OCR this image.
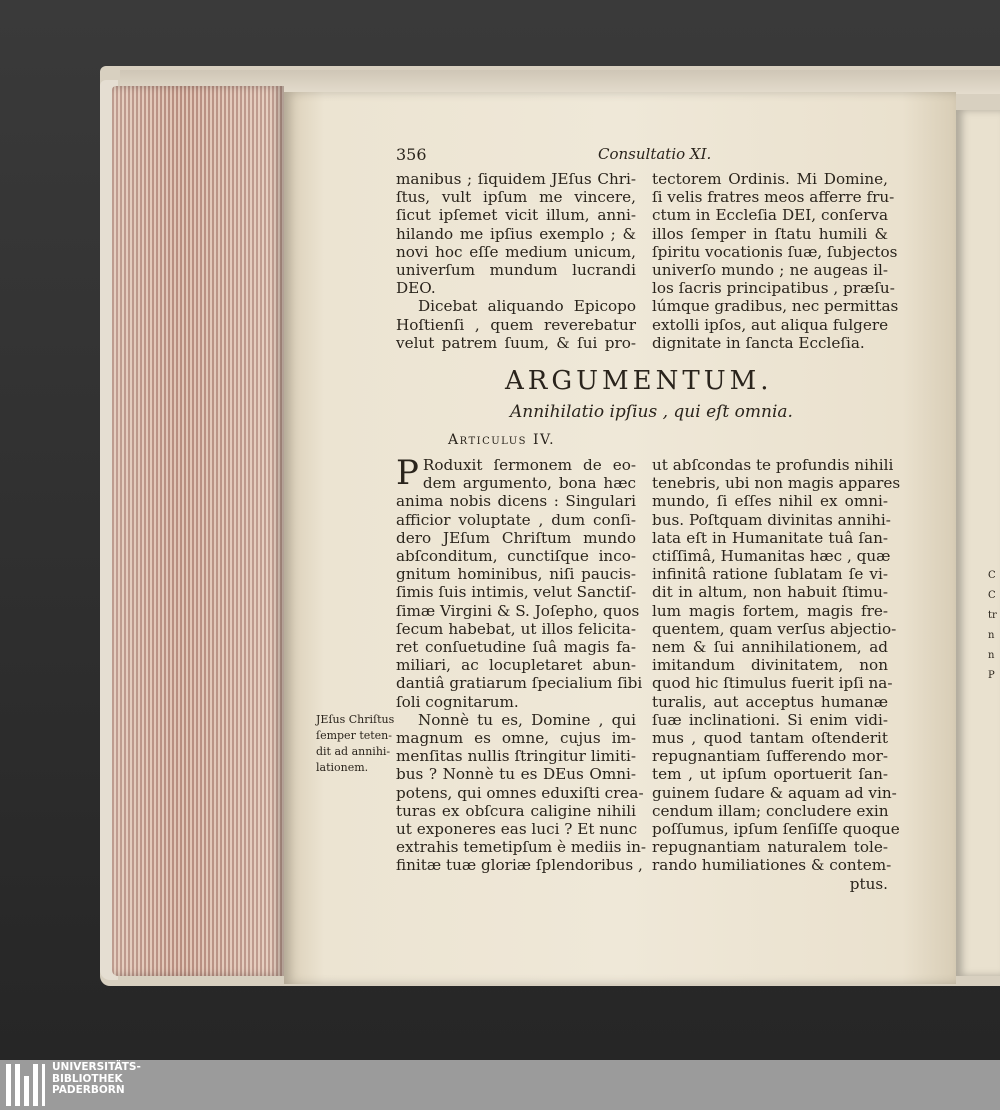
356	Consultatio XI.
manibus ; ſiquidem JEſus Chri-
ſtus, vult ipſum me vincere,
ſicut ipſemet vicit illum, anni-
hilando me ipſius exemplo ; &
novi hoc eſſe medium unicum,
univerſum mundum lucrandi
DEO.
Dicebat aliquando Epicopo
Hoſtienſi , quem reverebatur
velut patrem ſuum, & ſui pro-
tectorem Ordinis. Mi Domine,
ſi velis fratres meos afferre fru-
ctum in Eccleſia DEI, conſerva
illos ſemper in ſtatu humili &
ſpiritu vocationis ſuæ, ſubjectos
univerſo mundo ; ne augeas il-
los ſacris principatibus , præſu-
lúmque gradibus, nec permittas
extolli ipſos, aut aliqua fulgere
dignitate in ſancta Eccleſia.
ARGUMENTUM.
Annihilatio ipſius , qui eſt omnia.
Articulus IV.
P Roduxit ſermonem de eo-
dem argumento, bona hæc
anima nobis dicens : Singulari
afficior voluptate , dum conſi-
dero JEſum Chriſtum mundo
abſconditum, cunctiſque inco-
gnitum hominibus, niſi paucis-
ſimis ſuis intimis, velut Sanctiſ-
ſimæ Virgini & S. Joſepho, quos
ſecum habebat, ut illos felicita-
ret conſuetudine ſuâ magis fa-
miliari, ac locupletaret abun-
dantiâ gratiarum ſpecialium ſibi
ſoli cognitarum.
Nonnè tu es, Domine , qui
magnum es omne, cujus im-
menſitas nullis ſtringitur limiti-
bus ? Nonnè tu es DEus Omni-
potens, qui omnes eduxiſti crea-
turas ex obſcura caligine nihili
ut exponeres eas luci ? Et nunc
extrahis temetipſum è mediis in-
finitæ tuæ gloriæ ſplendoribus ,
ut abſcondas te profundis nihili
tenebris, ubi non magis appares
mundo, ſi eſſes nihil ex omni-
bus. Poſtquam divinitas annihi-
lata eſt in Humanitate tuâ ſan-
ctiſſimâ, Humanitas hæc , quæ
infinitâ ratione ſublatam ſe vi-
dit in altum, non habuit ſtimu-
lum magis fortem, magis fre-
quentem, quam verſus abjectio-
nem & ſui annihilationem, ad
imitandum divinitatem, non
quod hic ſtimulus fuerit ipſi na-
turalis, aut acceptus humanæ
ſuæ inclinationi. Si enim vidi-
mus , quod tantam oſtenderit
repugnantiam ſufferendo mor-
tem , ut ipſum oportuerit ſan-
guinem ſudare & aquam ad vin-
cendum illam; concludere exin
poſſumus, ipſum ſenſiſſe quoque
repugnantiam naturalem tole-
rando humiliationes & contem-
ptus.
JEſus Chriſtus
ſemper teten-
dit ad annihi-
lationem.
C
C
tr
n
n
P
UNIVERSITÄTS-
BIBLIOTHEK
PADERBORN
